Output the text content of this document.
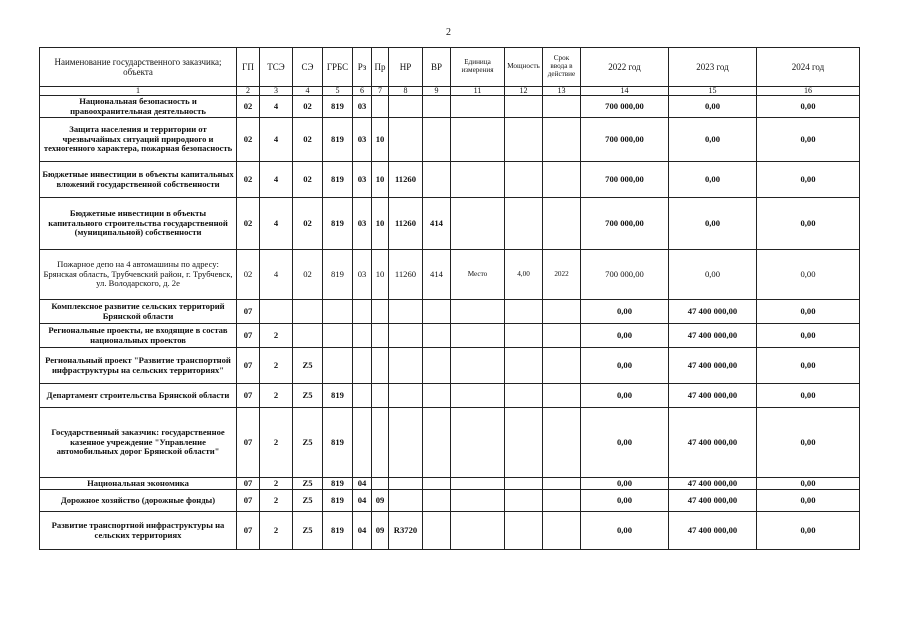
2
Наименование государственного заказчика; объекта	ГП	ТСЭ	СЭ	ГРБС	Рз	Пр	НР	ВР	Единица измерения	Мощность	Срок ввода в действие	2022 год	2023 год	2024 год
1	2	3	4	5	6	7	8	9	11	12	13	14	15	16
Национальная безопасность и правоохранительная деятельность	02	4	02	819	03							700 000,00	0,00	0,00
Защита населения и территории от чрезвычайных ситуаций природного и техногенного характера, пожарная безопасность	02	4	02	819	03	10						700 000,00	0,00	0,00
Бюджетные инвестиции в объекты капитальных вложений государственной собственности	02	4	02	819	03	10	11260					700 000,00	0,00	0,00
Бюджетные инвестиции в объекты капитального строительства государственной (муниципальной) собственности	02	4	02	819	03	10	11260	414				700 000,00	0,00	0,00
Пожарное депо на 4 автомашины по адресу: Брянская область, Трубчевский район, г. Трубчевск, ул. Володарского, д. 2е	02	4	02	819	03	10	11260	414	Место	4,00	2022	700 000,00	0,00	0,00
Комплексное развитие сельских территорий Брянской области	07											0,00	47 400 000,00	0,00
Региональные проекты, не входящие в состав национальных проектов	07	2										0,00	47 400 000,00	0,00
Региональный проект "Развитие транспортной инфраструктуры на сельских территориях"	07	2	Z5									0,00	47 400 000,00	0,00
Департамент строительства Брянской области	07	2	Z5	819								0,00	47 400 000,00	0,00
Государственный заказчик: государственное казенное учреждение "Управление автомобильных дорог Брянской области"	07	2	Z5	819								0,00	47 400 000,00	0,00
Национальная экономика	07	2	Z5	819	04							0,00	47 400 000,00	0,00
Дорожное хозяйство (дорожные фонды)	07	2	Z5	819	04	09						0,00	47 400 000,00	0,00
Развитие транспортной инфраструктуры на сельских территориях	07	2	Z5	819	04	09	R3720					0,00	47 400 000,00	0,00
